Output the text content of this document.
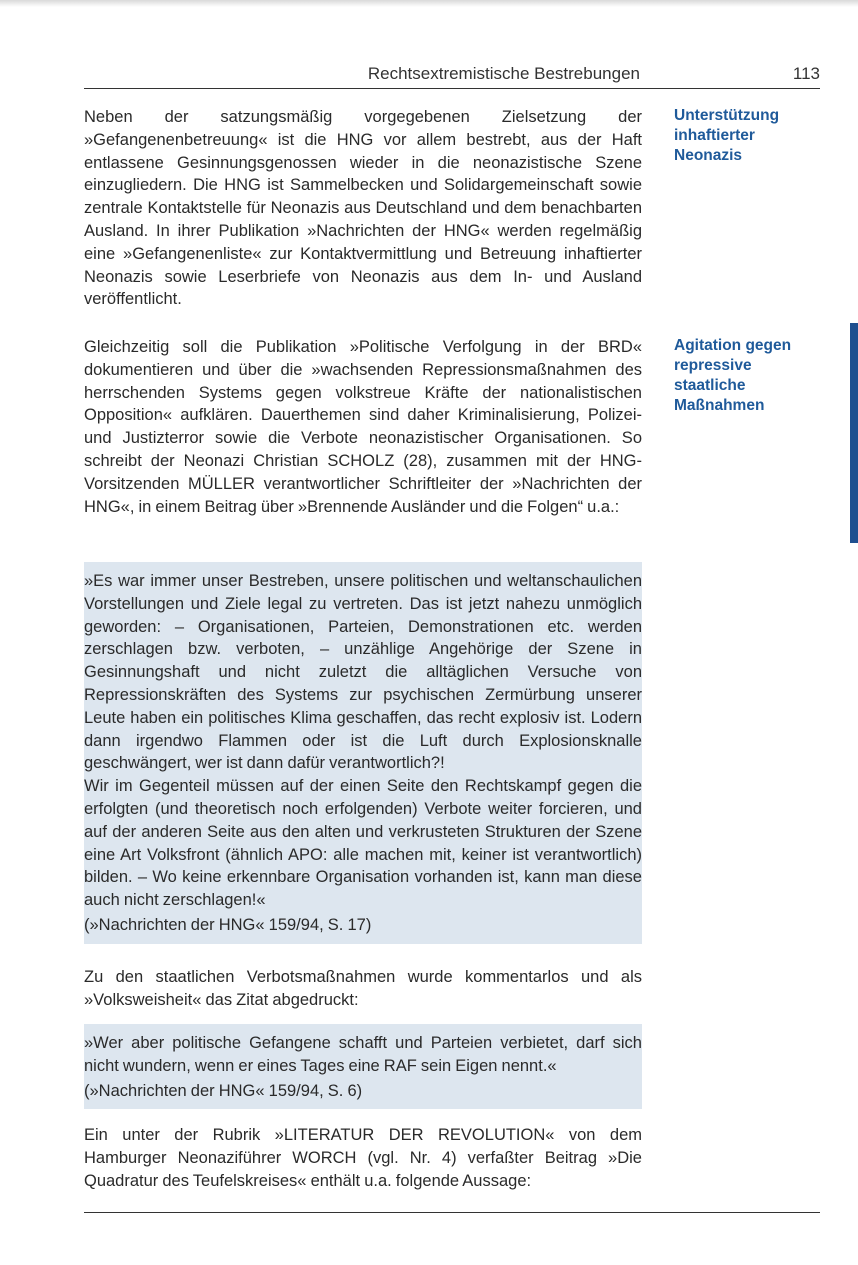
Rechtsextremistische Bestrebungen	113
Unterstützung inhaftierter Neonazis
Agitation gegen repressive staatliche Maßnahmen

Neben der satzungsmäßig vorgegebenen Zielsetzung der »Gefangenenbetreuung« ist die HNG vor allem bestrebt, aus der Haft entlassene Gesinnungsgenossen wieder in die neonazistische Szene einzugliedern. Die HNG ist Sammelbecken und Solidargemeinschaft sowie zentrale Kontaktstelle für Neonazis aus Deutschland und dem benachbarten Ausland. In ihrer Publikation »Nachrichten der HNG« werden regelmäßig eine »Gefangenenliste« zur Kontaktvermittlung und Betreuung inhaftierter Neonazis sowie Leserbriefe von Neonazis aus dem In- und Ausland veröffentlicht.

Gleichzeitig soll die Publikation »Politische Verfolgung in der BRD« dokumentieren und über die »wachsenden Repressionsmaßnahmen des herrschenden Systems gegen volkstreue Kräfte der nationalistischen Opposition« aufklären. Dauerthemen sind daher Kriminalisierung, Polizei- und Justizterror sowie die Verbote neonazistischer Organisationen. So schreibt der Neonazi Christian SCHOLZ (28), zusammen mit der HNG-Vorsitzenden MÜLLER verantwortlicher Schriftleiter der »Nachrichten der HNG«, in einem Beitrag über »Brennende Ausländer und die Folgen“ u.a.:

»Es war immer unser Bestreben, unsere politischen und weltanschaulichen Vorstellungen und Ziele legal zu vertreten. Das ist jetzt nahezu unmöglich geworden: – Organisationen, Parteien, Demonstrationen etc. werden zerschlagen bzw. verboten, – unzählige Angehörige der Szene in Gesinnungshaft und nicht zuletzt die alltäglichen Versuche von Repressionskräften des Systems zur psychischen Zermürbung unserer Leute haben ein politisches Klima geschaffen, das recht explosiv ist. Lodern dann irgendwo Flammen oder ist die Luft durch Explosionsknalle geschwängert, wer ist dann dafür verantwortlich?!

Wir im Gegenteil müssen auf der einen Seite den Rechtskampf gegen die erfolgten (und theoretisch noch erfolgenden) Verbote weiter forcieren, und auf der anderen Seite aus den alten und verkrusteten Strukturen der Szene eine Art Volksfront (ähnlich APO: alle machen mit, keiner ist verantwortlich) bilden. – Wo keine erkennbare Organisation vorhanden ist, kann man diese auch nicht zerschlagen!«

(»Nachrichten der HNG« 159/94, S. 17)

Zu den staatlichen Verbotsmaßnahmen wurde kommentarlos und als »Volksweisheit« das Zitat abgedruckt:

»Wer aber politische Gefangene schafft und Parteien verbietet, darf sich nicht wundern, wenn er eines Tages eine RAF sein Eigen nennt.«

(»Nachrichten der HNG« 159/94, S. 6)

Ein unter der Rubrik »LITERATUR DER REVOLUTION« von dem Hamburger Neonaziführer WORCH (vgl. Nr. 4) verfaßter Beitrag »Die Quadratur des Teufelskreises« enthält u.a. folgende Aussage:
